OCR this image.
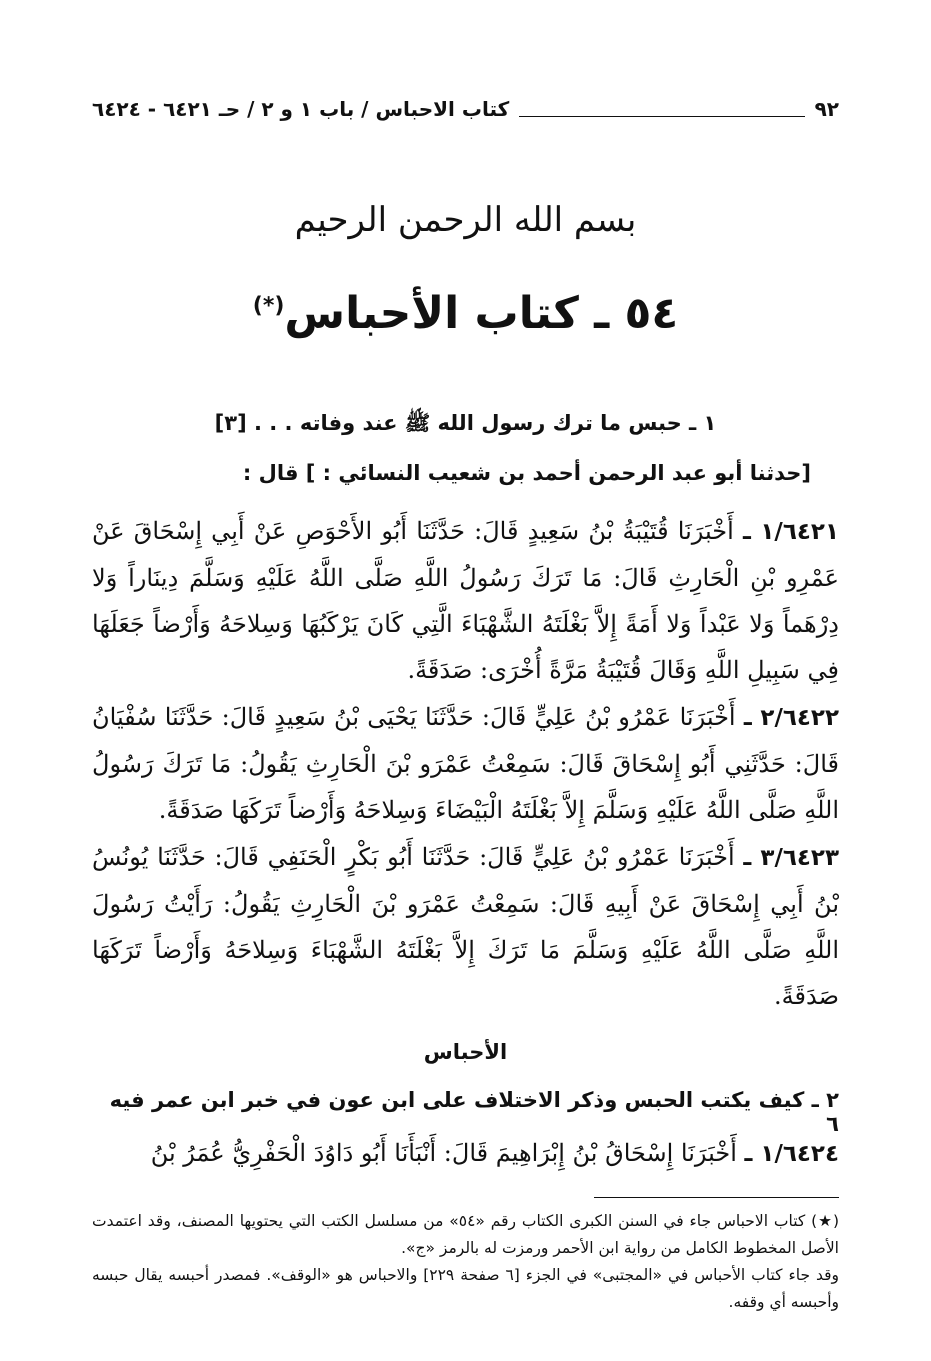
٩٢
كتاب الاحباس / باب ١ و ٢ / حـ ٦٤٢١ - ٦٤٢٤
بسم الله الرحمن الرحيم
٥٤ ـ كتاب الأحباس(*)
١ ـ حبس ما ترك رسول الله ﷺ عند وفاته . . . [٣]
[حدثنا أبو عبد الرحمن أحمد بن شعيب النسائي : ] قال :
١/٦٤٢١ ـ أَخْبَرَنَا قُتَيْبَةُ بْنُ سَعِيدٍ قَالَ: حَدَّثَنَا أَبُو الأَحْوَصِ عَنْ أَبِي إِسْحَاقَ عَنْ عَمْرِو بْنِ الْحَارِثِ قَالَ: مَا تَرَكَ رَسُولُ اللَّهِ صَلَّى اللَّهُ عَلَيْهِ وَسَلَّمَ دِينَاراً وَلا دِرْهَماً وَلا عَبْداً وَلا أَمَةً إِلاَّ بَغْلَتَهُ الشَّهْبَاءَ الَّتِي كَانَ يَرْكَبُهَا وَسِلاحَهُ وَأَرْضاً جَعَلَهَا فِي سَبِيلِ اللَّهِ وَقَالَ قُتَيْبَةُ مَرَّةً أُخْرَى: صَدَقَةً.
٢/٦٤٢٢ ـ أَخْبَرَنَا عَمْرُو بْنُ عَلِيٍّ قَالَ: حَدَّثَنَا يَحْيَى بْنُ سَعِيدٍ قَالَ: حَدَّثَنَا سُفْيَانُ قَالَ: حَدَّثَنِي أَبُو إِسْحَاقَ قَالَ: سَمِعْتُ عَمْرَو بْنَ الْحَارِثِ يَقُولُ: مَا تَرَكَ رَسُولُ اللَّهِ صَلَّى اللَّهُ عَلَيْهِ وَسَلَّمَ إِلاَّ بَغْلَتَهُ الْبَيْضَاءَ وَسِلاحَهُ وَأَرْضاً تَرَكَهَا صَدَقَةً.
٣/٦٤٢٣ ـ أَخْبَرَنَا عَمْرُو بْنُ عَلِيٍّ قَالَ: حَدَّثَنَا أَبُو بَكْرٍ الْحَنَفِي قَالَ: حَدَّثَنَا يُونُسُ بْنُ أَبِي إِسْحَاقَ عَنْ أَبِيهِ قَالَ: سَمِعْتُ عَمْرَو بْنَ الْحَارِثِ يَقُولُ: رَأَيْتُ رَسُولَ اللَّهِ صَلَّى اللَّهُ عَلَيْهِ وَسَلَّمَ مَا تَرَكَ إِلاَّ بَغْلَتَهُ الشَّهْبَاءَ وَسِلاحَهُ وَأَرْضاً تَرَكَهَا صَدَقَةً.
الأحباس
٢ ـ كيف يكتب الحبس وذكر الاختلاف على ابن عون في خبر ابن عمر فيه ٦
١/٦٤٢٤ ـ أَخْبَرَنَا إِسْحَاقُ بْنُ إِبْرَاهِيمَ قَالَ: أَنْبَأَنَا أَبُو دَاوُدَ الْحَفْرِيُّ عُمَرُ بْنُ

(★) كتاب الاحباس جاء في السنن الكبرى الكتاب رقم «٥٤» من مسلسل الكتب التي يحتويها المصنف، وقد اعتمدت الأصل المخطوط الكامل من رواية ابن الأحمر ورمزت له بالرمز «ج».

وقد جاء كتاب الأحباس في «المجتبى» في الجزء [٦ صفحة ٢٢٩] والاحباس هو «الوقف». فمصدر أحبسه يقال حبسه وأحبسه أي وقفه.
